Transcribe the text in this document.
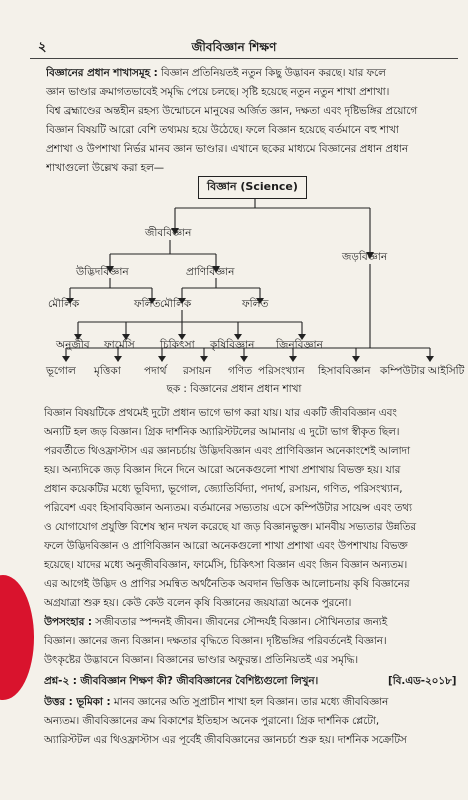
২	জীববিজ্ঞান শিক্ষণ
বিজ্ঞানের প্রধান শাখাসমূহ : বিজ্ঞান প্রতিনিয়তই নতুন কিছু উদ্ভাবন করছে। যার ফলে
জ্ঞান ভাণ্ডার ক্রমাগতভাবেই সমৃদ্ধি পেয়ে চলছে। সৃষ্টি হয়েছে নতুন নতুন শাখা প্রশাখা।
বিশ্ব ব্রহ্মাণ্ডের অন্তহীন রহস্য উন্মোচনে মানুষের অর্জিত জ্ঞান, দক্ষতা এবং দৃষ্টিভঙ্গির প্রয়োগে
বিজ্ঞান বিষয়টি আরো বেশি তথ্যময় হয়ে উঠেছে। ফলে বিজ্ঞান হয়েছে বর্তমানে বহু শাখা
প্রশাখা ও উপশাখা নির্ভর মানব জ্ঞান ভাণ্ডার। এখানে ছকের মাধ্যমে বিজ্ঞানের প্রধান প্রধান
শাখাগুলো উল্লেখ করা হল—
বিজ্ঞান (Science)
জীববিজ্ঞান
জড়বিজ্ঞান
উদ্ভিদবিজ্ঞান	প্রাণিবিজ্ঞান
মৌলিক	ফলিত মৌলিক	ফলিত
অনুজীব ফার্মেসি চিকিৎসা কৃষিবিজ্ঞান জিনবিজ্ঞান
ভূগোল মৃত্তিকা পদার্থ রসায়ন গণিত পরিসংখ্যান হিসাববিজ্ঞান কম্পিউটার আইসিটি
ছক : বিজ্ঞানের প্রধান প্রধান শাখা
বিজ্ঞান বিষয়টিকে প্রথমেই দুটো প্রধান ভাগে ভাগ করা যায়। যার একটি জীববিজ্ঞান এবং
অন্যটি হল জড় বিজ্ঞান। গ্রিক দার্শনিক অ্যারিস্টটলের আমানায় এ দুটো ভাগ স্বীকৃত ছিল।
পরবর্তীতে থিওফ্রাস্টাস এর জ্ঞানচর্চায় উদ্ভিদবিজ্ঞান এবং প্রাণিবিজ্ঞান অনেকাংশেই আলাদা
হয়। অন্যদিকে জড় বিজ্ঞান দিনে দিনে আরো অনেকগুলো শাখা প্রশাখায় বিভক্ত হয়। যার
প্রধান কয়েকটির মধ্যে ভূবিদ্যা, ভূগোল, জ্যোতির্বিদ্যা, পদার্থ, রসায়ন, গণিত, পরিসংখ্যান,
পরিবেশ এবং হিসাববিজ্ঞান অন্যতম। বর্তমানের সভ্যতায় এসে কম্পিউটার সায়েন্স এবং তথ্য
ও যোগাযোগ প্রযুক্তি বিশেষ স্থান দখল করেছে যা জড় বিজ্ঞানভুক্ত। মানবীয় সভ্যতার উন্নতির
ফলে উদ্ভিদবিজ্ঞান ও প্রাণিবিজ্ঞান আরো অনেকগুলো শাখা প্রশাখা এবং উপশাখায় বিভক্ত
হয়েছে। যাদের মধ্যে অনুজীববিজ্ঞান, ফার্মেসি, চিকিৎসা বিজ্ঞান এবং জিন বিজ্ঞান অন্যতম।
এর আগেই উদ্ভিদ ও প্রাণির সমন্বিত অর্থনৈতিক অবদান ভিত্তিক আলোচনায় কৃষি বিজ্ঞানের
অগ্রযাত্রা শুরু হয়। কেউ কেউ বলেন কৃষি বিজ্ঞানের জয়যাত্রা অনেক পুরনো।
উপসংহার : সজীবতার স্পন্দনই জীবন। জীবনের সৌন্দর্যই বিজ্ঞান। সৌখিনতার জন্যই
বিজ্ঞান। জ্ঞানের জন্য বিজ্ঞান। দক্ষতার বৃদ্ধিতে বিজ্ঞান। দৃষ্টিভঙ্গির পরিবর্তনেই বিজ্ঞান।
উৎকৃষ্টের উদ্ভাবনে বিজ্ঞান। বিজ্ঞানের ভাণ্ডার অফুরন্ত। প্রতিনিয়তই এর সমৃদ্ধি।
প্রশ্ন-২ : জীববিজ্ঞান শিক্ষণ কী? জীববিজ্ঞানের বৈশিষ্ট্যগুলো লিখুন।	[বি.এড-২০১৮]
উত্তর : ভূমিকা : মানব জ্ঞানের অতি সুপ্রাচীন শাখা হল বিজ্ঞান। তার মধ্যে জীববিজ্ঞান
অন্যতম। জীববিজ্ঞানের ক্রম বিকাশের ইতিহাস অনেক পুরানো। গ্রিক দার্শনিক প্লেটো,
অ্যারিস্টটল এর থিওফ্রাস্টাস এর পূর্বেই জীববিজ্ঞানের জ্ঞানচর্চা শুরু হয়। দার্শনিক সক্রেটিস
